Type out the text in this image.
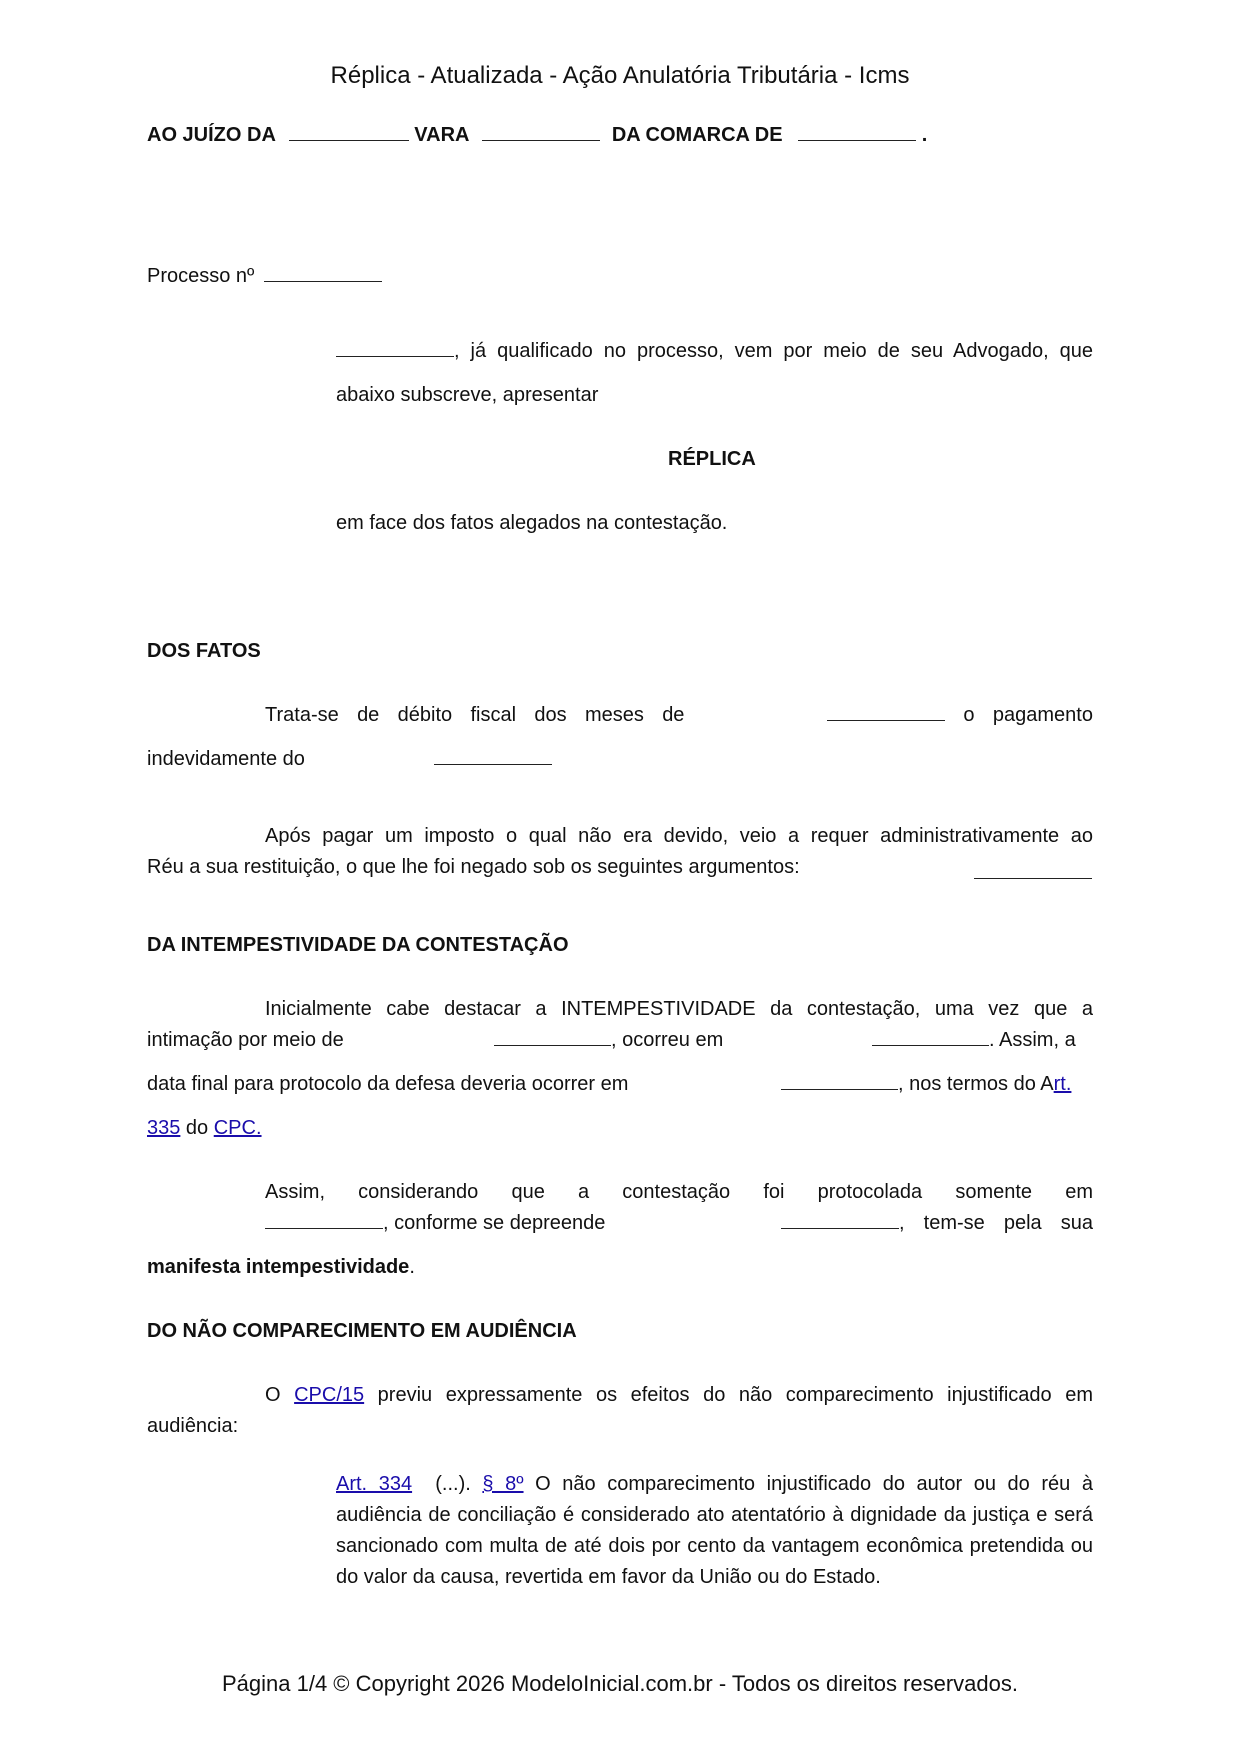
Réplica - Atualizada - Ação Anulatória Tributária - Icms
AO JUÍZO DA	VARA	DA COMARCA DE	.
Processo nº
, já qualificado no processo, vem por meio de seu Advogado, que
abaixo subscreve, apresentar
RÉPLICA
em face dos fatos alegados na contestação.
DOS FATOS
Trata-se de débito fiscal dos meses de	o pagamento
indevidamente do
Após pagar um imposto o qual não era devido, veio a requer administrativamente ao
Réu a sua restituição, o que lhe foi negado sob os seguintes argumentos:
DA INTEMPESTIVIDADE DA CONTESTAÇÃO
Inicialmente cabe destacar a INTEMPESTIVIDADE da contestação, uma vez que a
intimação por meio de	, ocorreu em	. Assim, a
data final para protocolo da defesa deveria ocorrer em	, nos termos do Art.
335 do CPC.
Assim, considerando que a contestação foi protocolada somente em
, conforme se depreende	, tem-se pela sua
manifesta intempestividade.
DO NÃO COMPARECIMENTO EM AUDIÊNCIA
O CPC/15 previu expressamente os efeitos do não comparecimento injustificado em
audiência:
Art. 334 (...). § 8º O não comparecimento injustificado do autor ou do réu à audiência de conciliação é considerado ato atentatório à dignidade da justiça e será sancionado com multa de até dois por cento da vantagem econômica pretendida ou do valor da causa, revertida em favor da União ou do Estado.
Página 1/4 © Copyright 2026 ModeloInicial.com.br - Todos os direitos reservados.
